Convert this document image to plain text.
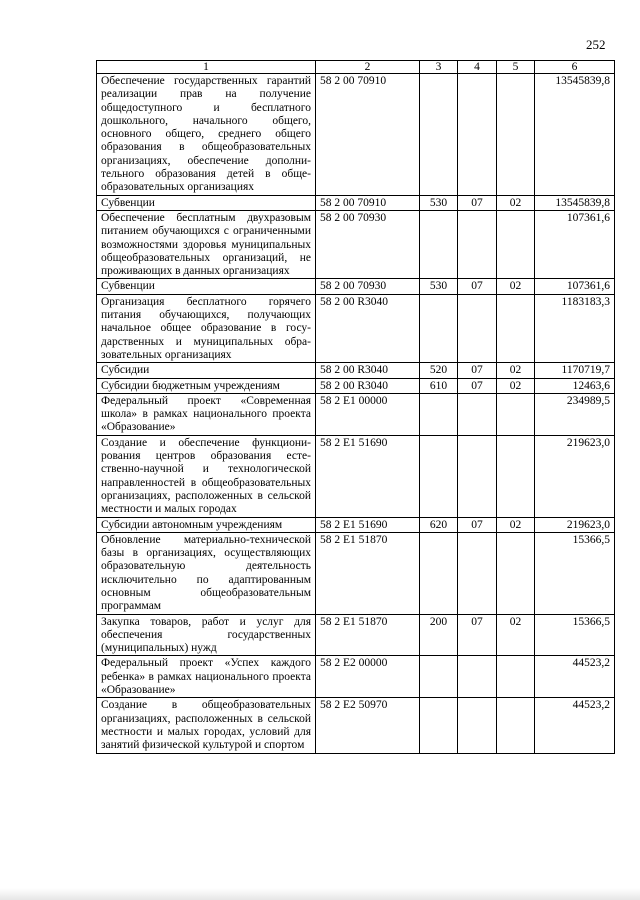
252
1	2	3	4	5	6
Обеспечение государственных гарантий реализации прав на получение общедоступного и бесплатного дошкольного, начального общего, основного общего, среднего общего образования в общеобразовательных организациях, обеспечение дополнительного образования детей в общеобразовательных организациях	58 2 00 70910				13545839,8
Субвенции	58 2 00 70910	530	07	02	13545839,8
Обеспечение бесплатным двухразовым питанием обучающихся с ограниченными возможностями здоровья муниципальных общеобразовательных организаций, не проживающих в данных организациях	58 2 00 70930				107361,6
Субвенции	58 2 00 70930	530	07	02	107361,6
Организация бесплатного горячего питания обучающихся, получающих начальное общее образование в государственных и муниципальных образовательных организациях	58 2 00 R3040				1183183,3
Субсидии	58 2 00 R3040	520	07	02	1170719,7
Субсидии бюджетным учреждениям	58 2 00 R3040	610	07	02	12463,6
Федеральный проект «Современная школа» в рамках национального проекта «Образование»	58 2 E1 00000				234989,5
Создание и обеспечение функционирования центров образования естественно-научной и технологической направленностей в общеобразовательных организациях, расположенных в сельской местности и малых городах	58 2 E1 51690				219623,0
Субсидии автономным учреждениям	58 2 E1 51690	620	07	02	219623,0
Обновление материально-технической базы в организациях, осуществляющих образовательную деятельность исключительно по адаптированным основным общеобразовательным программам	58 2 E1 51870				15366,5
Закупка товаров, работ и услуг для обеспечения государственных (муниципальных) нужд	58 2 E1 51870	200	07	02	15366,5
Федеральный проект «Успех каждого ребенка» в рамках национального проекта «Образование»	58 2 E2 00000				44523,2
Создание в общеобразовательных организациях, расположенных в сельской местности и малых городах, условий для занятий физической культурой и спортом	58 2 E2 50970				44523,2
